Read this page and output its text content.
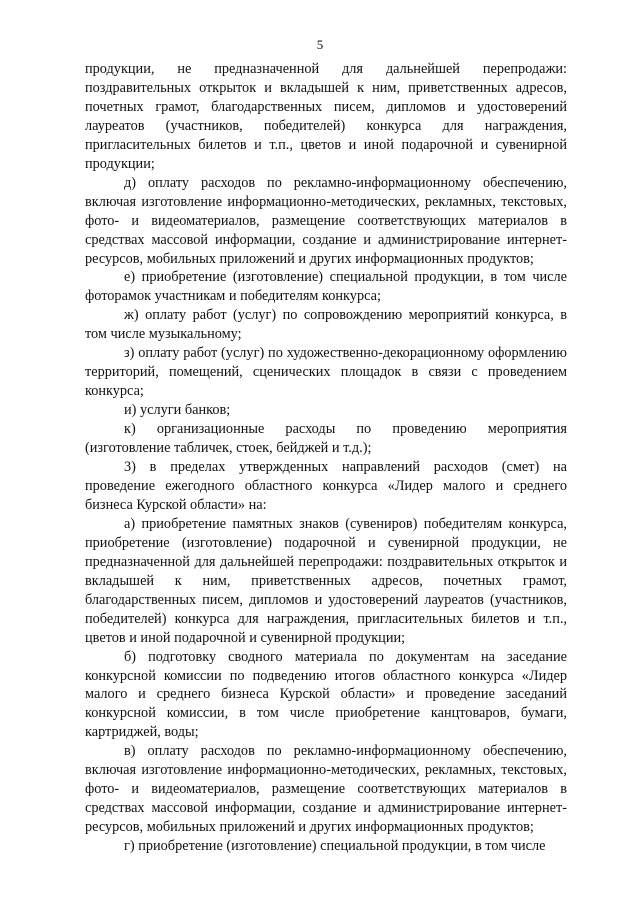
5

продукции, не предназначенной для дальнейшей перепродажи: поздравительных открыток и вкладышей к ним, приветственных адресов, почетных грамот, благодарственных писем, дипломов и удостоверений лауреатов (участников, победителей) конкурса для награждения, пригласительных билетов и т.п., цветов и иной подарочной и сувенирной продукции;

д) оплату расходов по рекламно-информационному обеспечению, включая изготовление информационно-методических, рекламных, текстовых, фото- и видеоматериалов, размещение соответствующих материалов в средствах массовой информации, создание и администрирование интернет-ресурсов, мобильных приложений и других информационных продуктов;

е) приобретение (изготовление) специальной продукции, в том числе фоторамок участникам и победителям конкурса;

ж) оплату работ (услуг) по сопровождению мероприятий конкурса, в том числе музыкальному;

з) оплату работ (услуг) по художественно-декорационному оформлению территорий, помещений, сценических площадок в связи с проведением конкурса;

и) услуги банков;

к) организационные расходы по проведению мероприятия (изготовление табличек, стоек, бейджей и т.д.);

3) в пределах утвержденных направлений расходов (смет) на проведение ежегодного областного конкурса «Лидер малого и среднего бизнеса Курской области» на:

а) приобретение памятных знаков (сувениров) победителям конкурса, приобретение (изготовление) подарочной и сувенирной продукции, не предназначенной для дальнейшей перепродажи: поздравительных открыток и вкладышей к ним, приветственных адресов, почетных грамот, благодарственных писем, дипломов и удостоверений лауреатов (участников, победителей) конкурса для награждения, пригласительных билетов и т.п., цветов и иной подарочной и сувенирной продукции;

б) подготовку сводного материала по документам на заседание конкурсной комиссии по подведению итогов областного конкурса «Лидер малого и среднего бизнеса Курской области» и проведение заседаний конкурсной комиссии, в том числе приобретение канцтоваров, бумаги, картриджей, воды;

в) оплату расходов по рекламно-информационному обеспечению, включая изготовление информационно-методических, рекламных, текстовых, фото- и видеоматериалов, размещение соответствующих материалов в средствах массовой информации, создание и администрирование интернет-ресурсов, мобильных приложений и других информационных продуктов;

г) приобретение (изготовление) специальной продукции, в том числе
